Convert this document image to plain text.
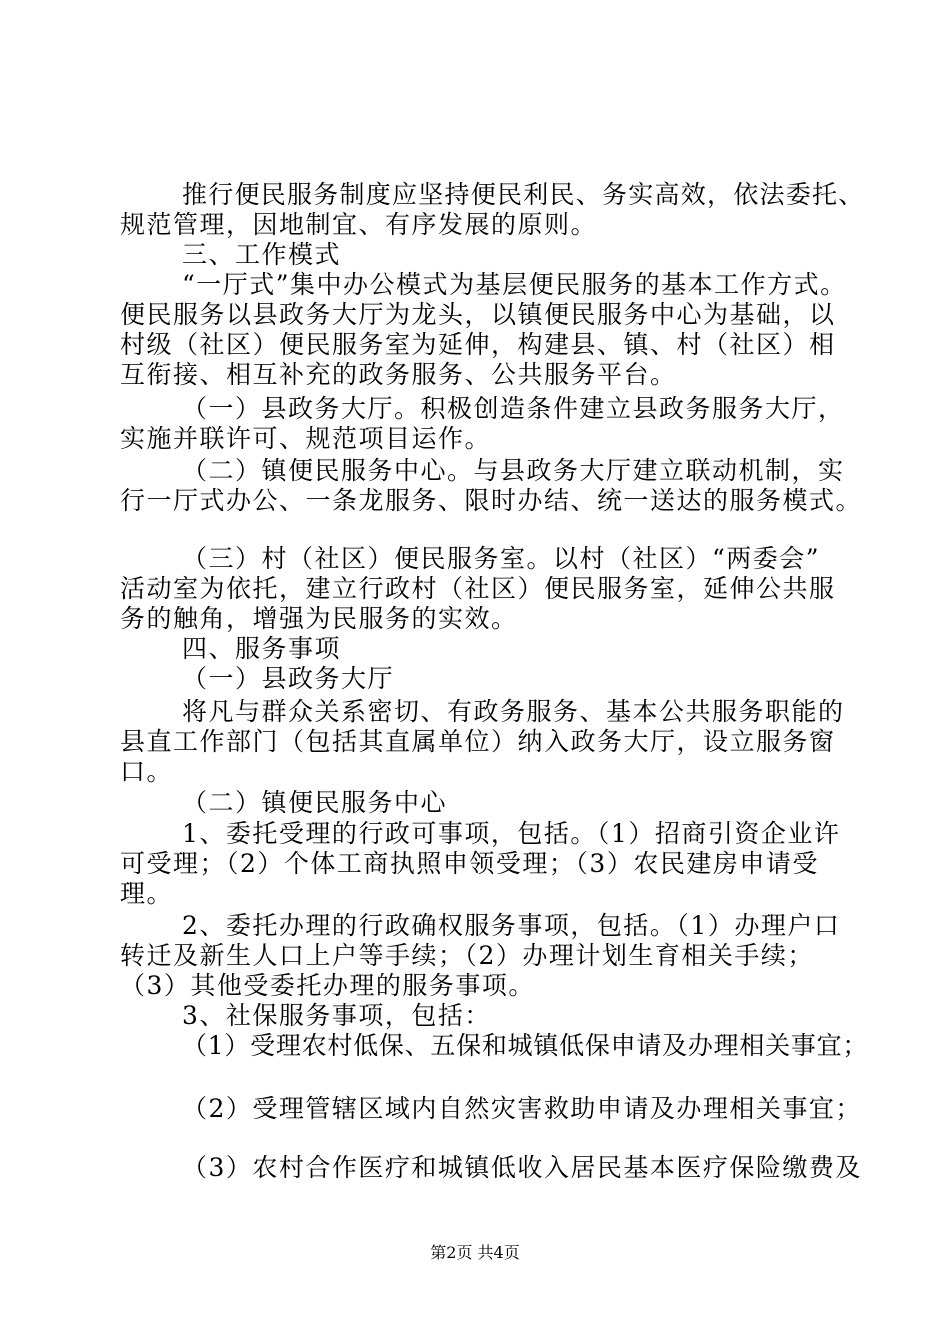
推行便民服务制度应坚持便民利民、务实高效，依法委托、
规范管理，因地制宜、有序发展的原则。
三、工作模式
“一厅式”集中办公模式为基层便民服务的基本工作方式。
便民服务以县政务大厅为龙头，以镇便民服务中心为基础，以
村级（社区）便民服务室为延伸，构建县、镇、村（社区）相
互衔接、相互补充的政务服务、公共服务平台。
（一）县政务大厅。积极创造条件建立县政务服务大厅，
实施并联许可、规范项目运作。
（二）镇便民服务中心。与县政务大厅建立联动机制，实
行一厅式办公、一条龙服务、限时办结、统一送达的服务模式。
（三）村（社区）便民服务室。以村（社区）“两委会”
活动室为依托，建立行政村（社区）便民服务室，延伸公共服
务的触角，增强为民服务的实效。
四、服务事项
（一）县政务大厅
将凡与群众关系密切、有政务服务、基本公共服务职能的
县直工作部门（包括其直属单位）纳入政务大厅，设立服务窗
口。
（二）镇便民服务中心
1、委托受理的行政可事项，包括。（1）招商引资企业许
可受理；（2）个体工商执照申领受理；（3）农民建房申请受
理。
2、委托办理的行政确权服务事项，包括。（1）办理户口
转迁及新生人口上户等手续；（2）办理计划生育相关手续；
（3）其他受委托办理的服务事项。
3、社保服务事项，包括：
（1）受理农村低保、五保和城镇低保申请及办理相关事宜；
（2）受理管辖区域内自然灾害救助申请及办理相关事宜；
（3）农村合作医疗和城镇低收入居民基本医疗保险缴费及
第2页 共4页
